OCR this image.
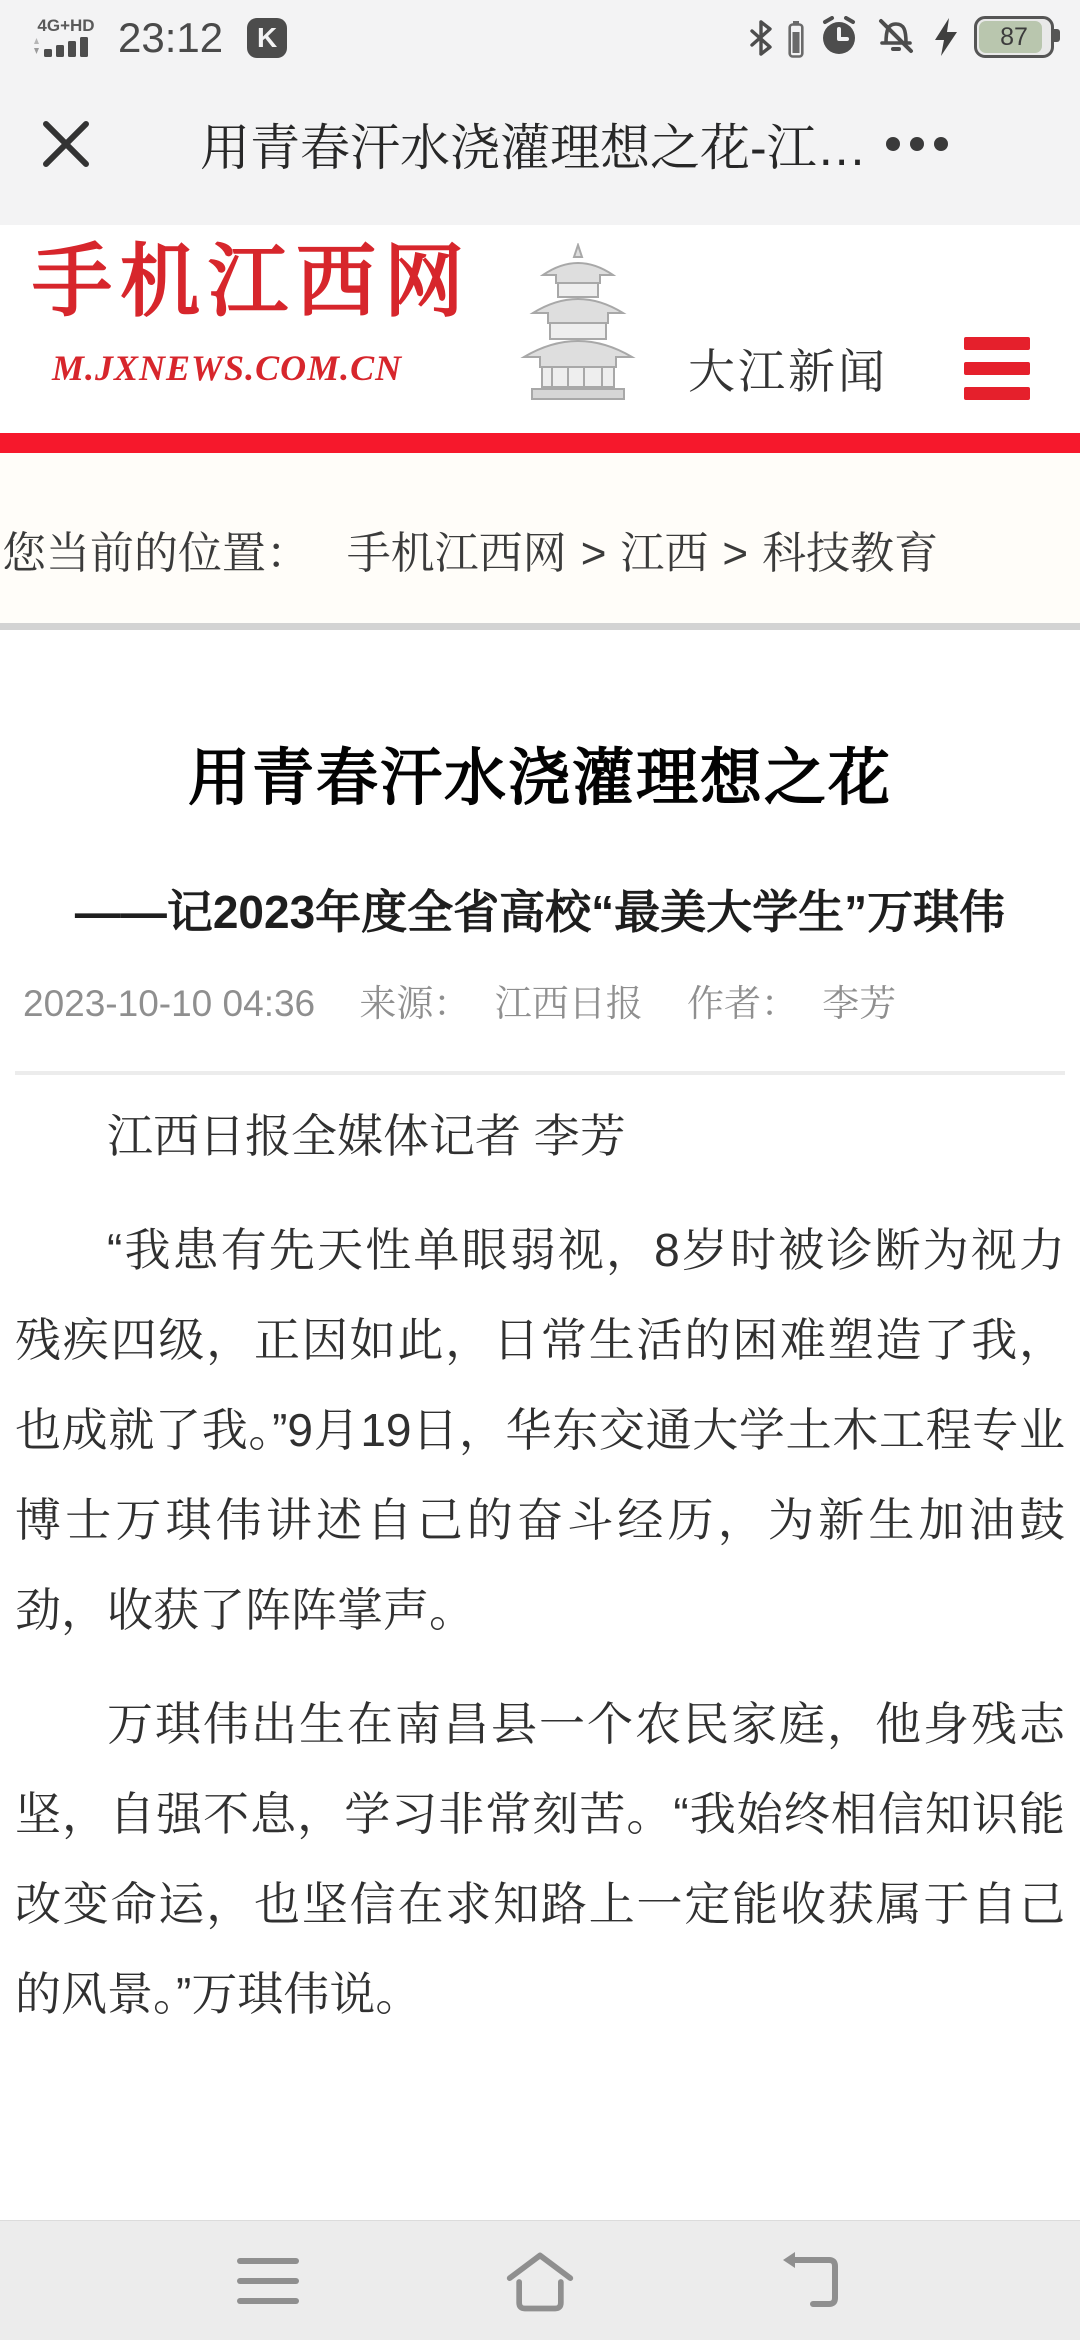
4G+HD 23:12	K	87
用青春汗水浇灌理想之花-江…
手机江西网
M.JXNEWS.COM.CN	大江新闻
您当前的位置： 手机江西网 > 江西 > 科技教育
用青春汗水浇灌理想之花
——记2023年度全省高校“最美大学生”万琪伟
2023-10-10 04:36 来源： 江西日报 作者： 李芳

江西日报全媒体记者 李芳

“我患有先天性单眼弱视，8岁时被诊断为视力残疾四级，正因如此，日常生活的困难塑造了我，也成就了我。”9月19日，华东交通大学土木工程专业博士万琪伟讲述自己的奋斗经历，为新生加油鼓劲，收获了阵阵掌声。

万琪伟出生在南昌县一个农民家庭，他身残志坚，自强不息，学习非常刻苦。“我始终相信知识能改变命运，也坚信在求知路上一定能收获属于自己的风景。”万琪伟说。
